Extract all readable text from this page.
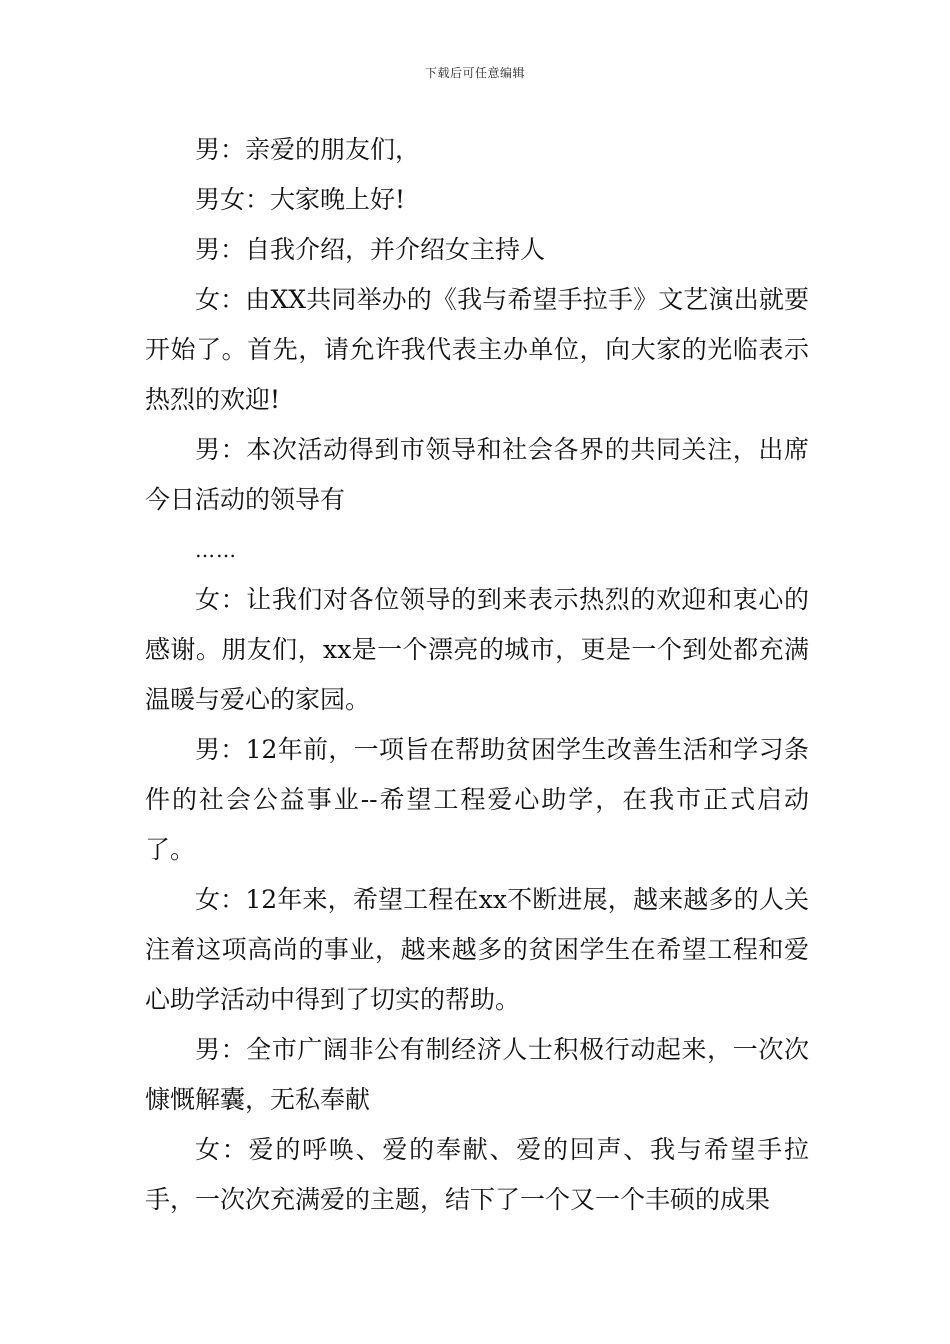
下载后可任意编辑

男：亲爱的朋友们，

男女：大家晚上好!

男：自我介绍，并介绍女主持人

女：由XX共同举办的《我与希望手拉手》文艺演出就要开始了。首先，请允许我代表主办单位，向大家的光临表示热烈的欢迎!

男：本次活动得到市领导和社会各界的共同关注，出席今日活动的领导有

……

女：让我们对各位领导的到来表示热烈的欢迎和衷心的感谢。朋友们，xx是一个漂亮的城市，更是一个到处都充满温暖与爱心的家园。

男：12年前，一项旨在帮助贫困学生改善生活和学习条件的社会公益事业--希望工程爱心助学，在我市正式启动了。

女：12年来，希望工程在xx不断进展，越来越多的人关注着这项高尚的事业，越来越多的贫困学生在希望工程和爱心助学活动中得到了切实的帮助。

男：全市广阔非公有制经济人士积极行动起来，一次次慷慨解囊，无私奉献

女：爱的呼唤、爱的奉献、爱的回声、我与希望手拉手，一次次充满爱的主题，结下了一个又一个丰硕的成果
